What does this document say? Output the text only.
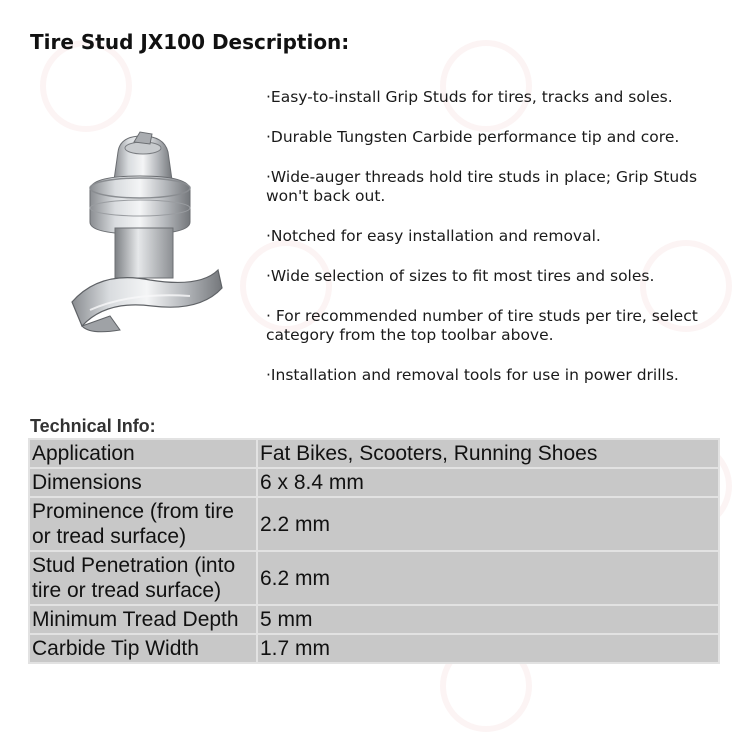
Tire Stud JX100 Description:
·Easy-to-install Grip Studs for tires, tracks and soles.
·Durable Tungsten Carbide performance tip and core.
·Wide-auger threads hold tire studs in place; Grip Studs won't back out.
·Notched for easy installation and removal.
·Wide selection of sizes to fit most tires and soles.
· For recommended number of tire studs per tire, select category from the top toolbar above.
·Installation and removal tools for use in power drills.
Technical Info:
Application	Fat Bikes, Scooters, Running Shoes
Dimensions	6 x 8.4 mm
Prominence (from tire or tread surface)	2.2 mm
Stud Penetration (into tire or tread surface)	6.2 mm
Minimum Tread Depth	5 mm
Carbide Tip Width	1.7 mm
